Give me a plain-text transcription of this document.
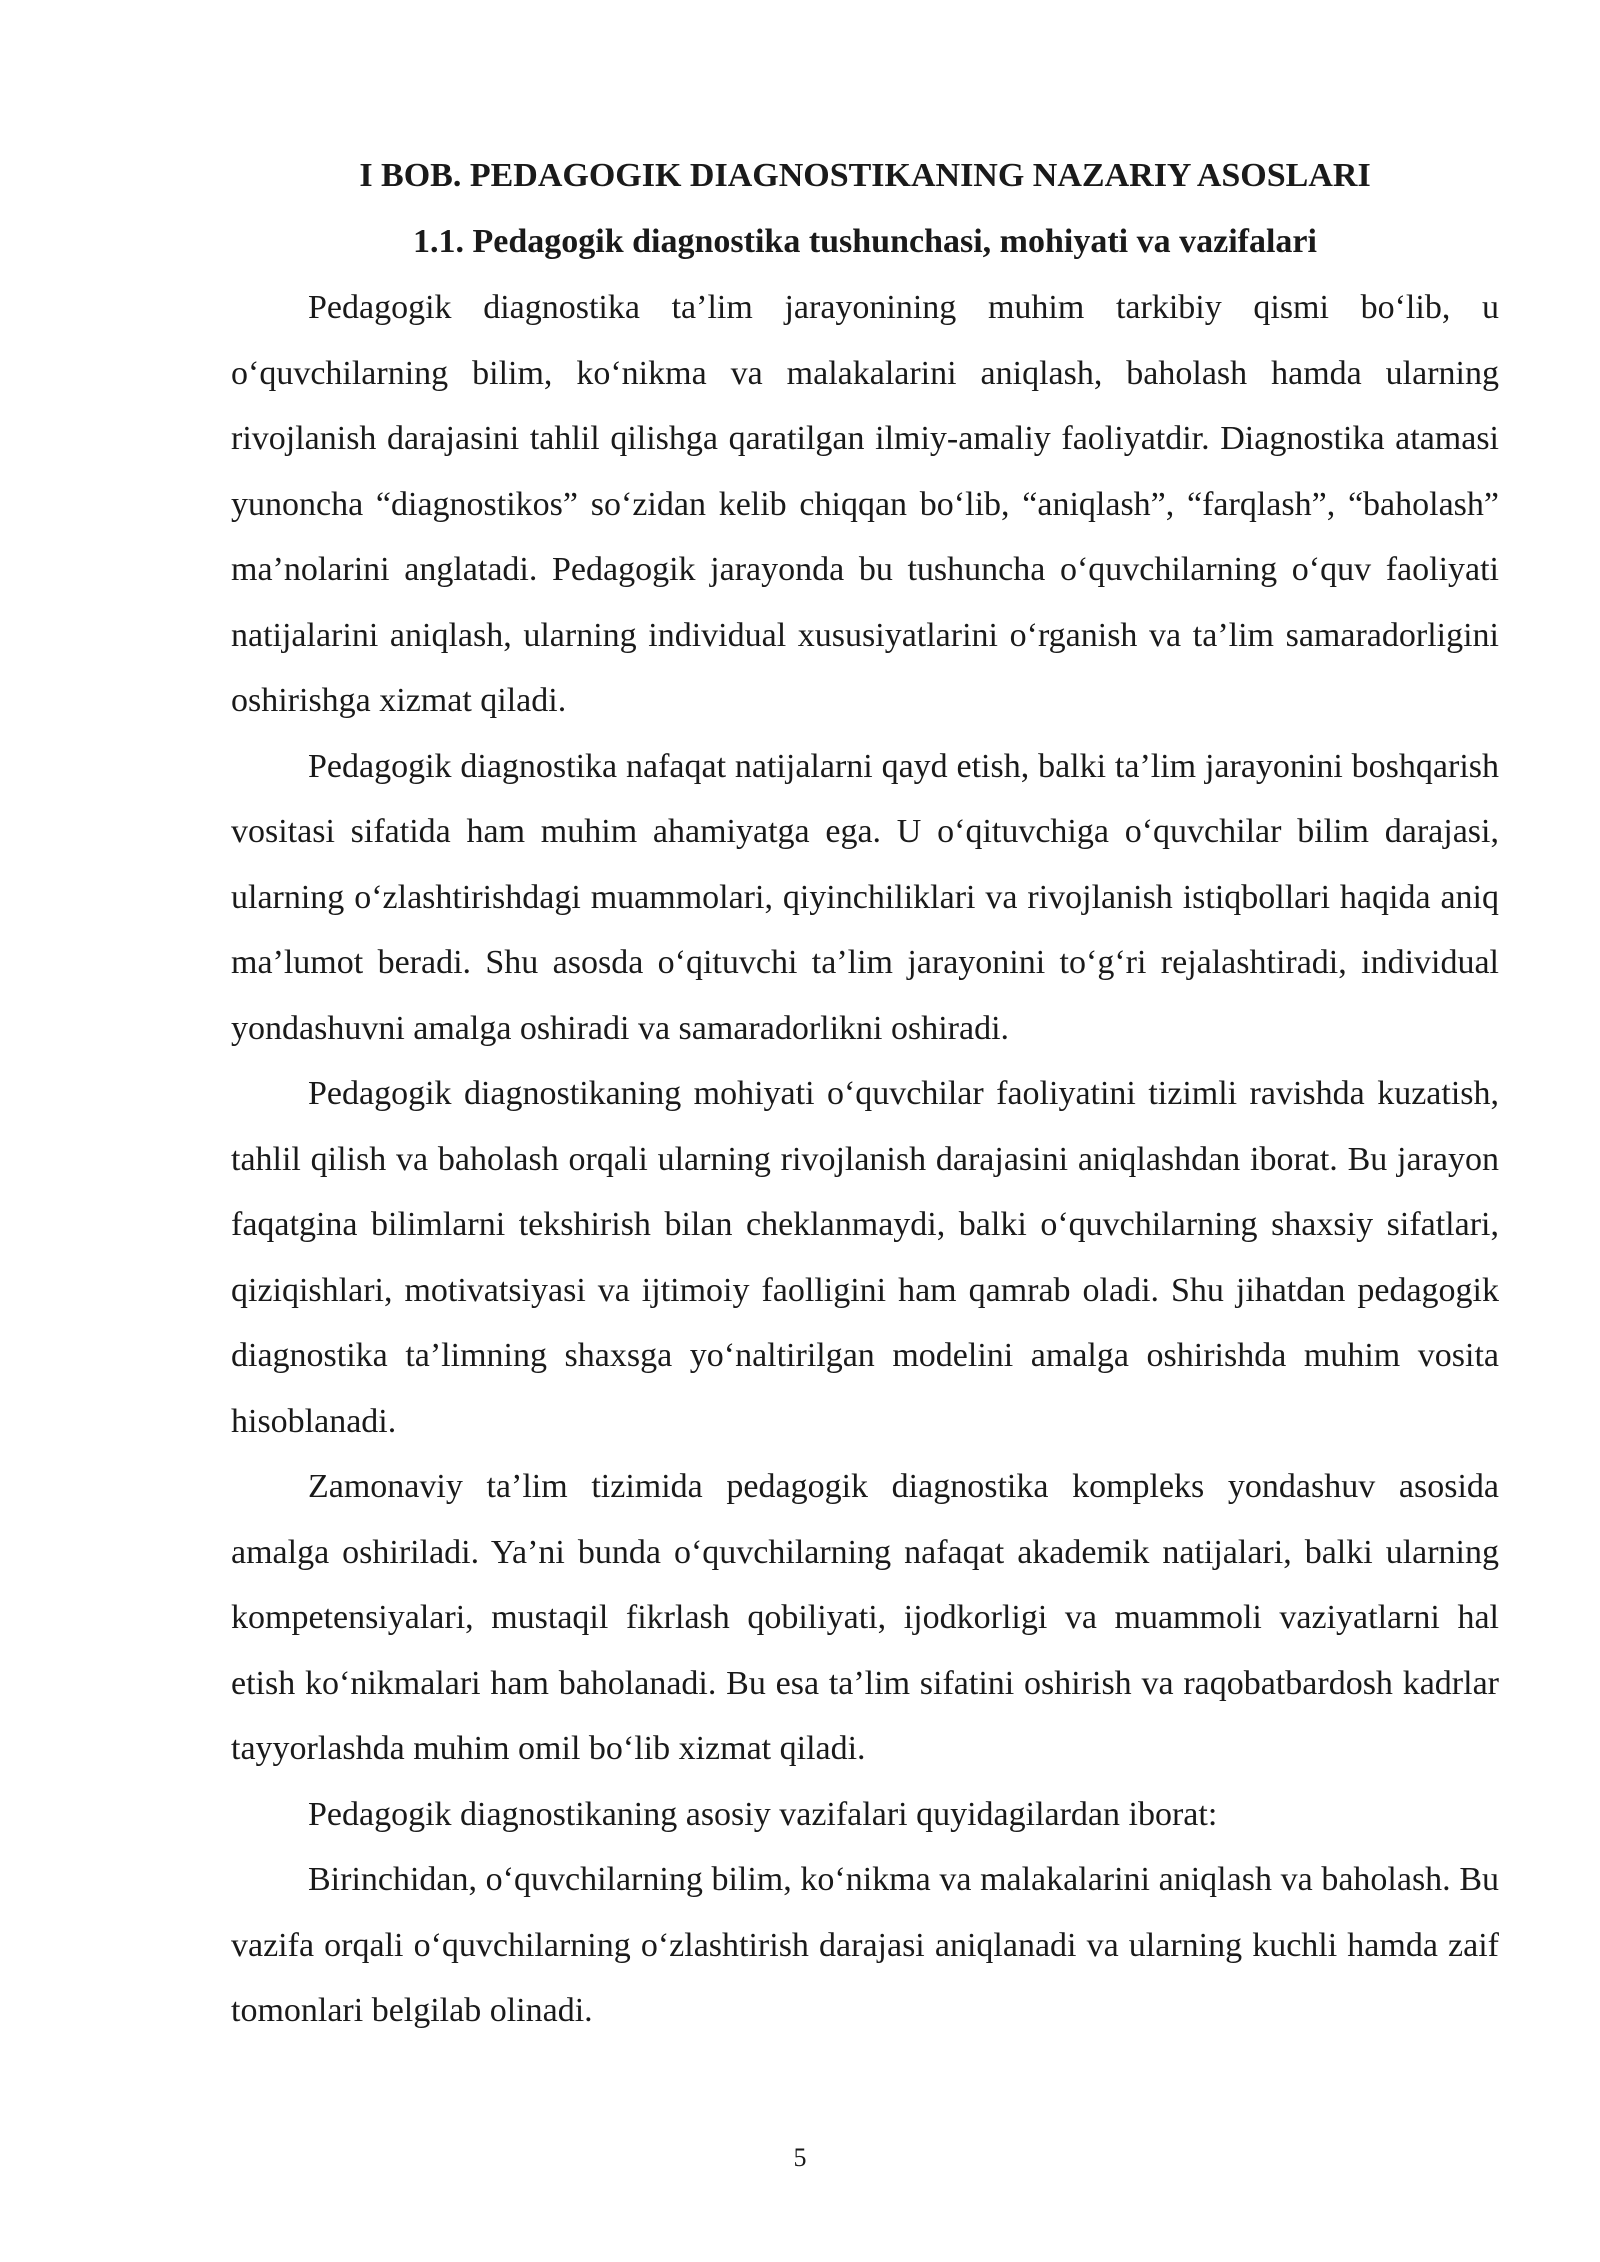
I BOB. PEDAGOGIK DIAGNOSTIKANING NAZARIY ASOSLARI
1.1. Pedagogik diagnostika tushunchasi, mohiyati va vazifalari

Pedagogik diagnostika ta’lim jarayonining muhim tarkibiy qismi bo‘lib, u o‘quvchilarning bilim, ko‘nikma va malakalarini aniqlash, baholash hamda ularning rivojlanish darajasini tahlil qilishga qaratilgan ilmiy-amaliy faoliyatdir. Diagnostika atamasi yunoncha “diagnostikos” so‘zidan kelib chiqqan bo‘lib, “aniqlash”, “farqlash”, “baholash” ma’nolarini anglatadi. Pedagogik jarayonda bu tushuncha o‘quvchilarning o‘quv faoliyati natijalarini aniqlash, ularning individual xususiyatlarini o‘rganish va ta’lim samaradorligini oshirishga xizmat qiladi.

Pedagogik diagnostika nafaqat natijalarni qayd etish, balki ta’lim jarayonini boshqarish vositasi sifatida ham muhim ahamiyatga ega. U o‘qituvchiga o‘quvchilar bilim darajasi, ularning o‘zlashtirishdagi muammolari, qiyinchiliklari va rivojlanish istiqbollari haqida aniq ma’lumot beradi. Shu asosda o‘qituvchi ta’lim jarayonini to‘g‘ri rejalashtiradi, individual yondashuvni amalga oshiradi va samaradorlikni oshiradi.

Pedagogik diagnostikaning mohiyati o‘quvchilar faoliyatini tizimli ravishda kuzatish, tahlil qilish va baholash orqali ularning rivojlanish darajasini aniqlashdan iborat. Bu jarayon faqatgina bilimlarni tekshirish bilan cheklanmaydi, balki o‘quvchilarning shaxsiy sifatlari, qiziqishlari, motivatsiyasi va ijtimoiy faolligini ham qamrab oladi. Shu jihatdan pedagogik diagnostika ta’limning shaxsga yo‘naltirilgan modelini amalga oshirishda muhim vosita hisoblanadi.

Zamonaviy ta’lim tizimida pedagogik diagnostika kompleks yondashuv asosida amalga oshiriladi. Ya’ni bunda o‘quvchilarning nafaqat akademik natijalari, balki ularning kompetensiyalari, mustaqil fikrlash qobiliyati, ijodkorligi va muammoli vaziyatlarni hal etish ko‘nikmalari ham baholanadi. Bu esa ta’lim sifatini oshirish va raqobatbardosh kadrlar tayyorlashda muhim omil bo‘lib xizmat qiladi.

Pedagogik diagnostikaning asosiy vazifalari quyidagilardan iborat:

Birinchidan, o‘quvchilarning bilim, ko‘nikma va malakalarini aniqlash va baholash. Bu vazifa orqali o‘quvchilarning o‘zlashtirish darajasi aniqlanadi va ularning kuchli hamda zaif tomonlari belgilab olinadi.

5
